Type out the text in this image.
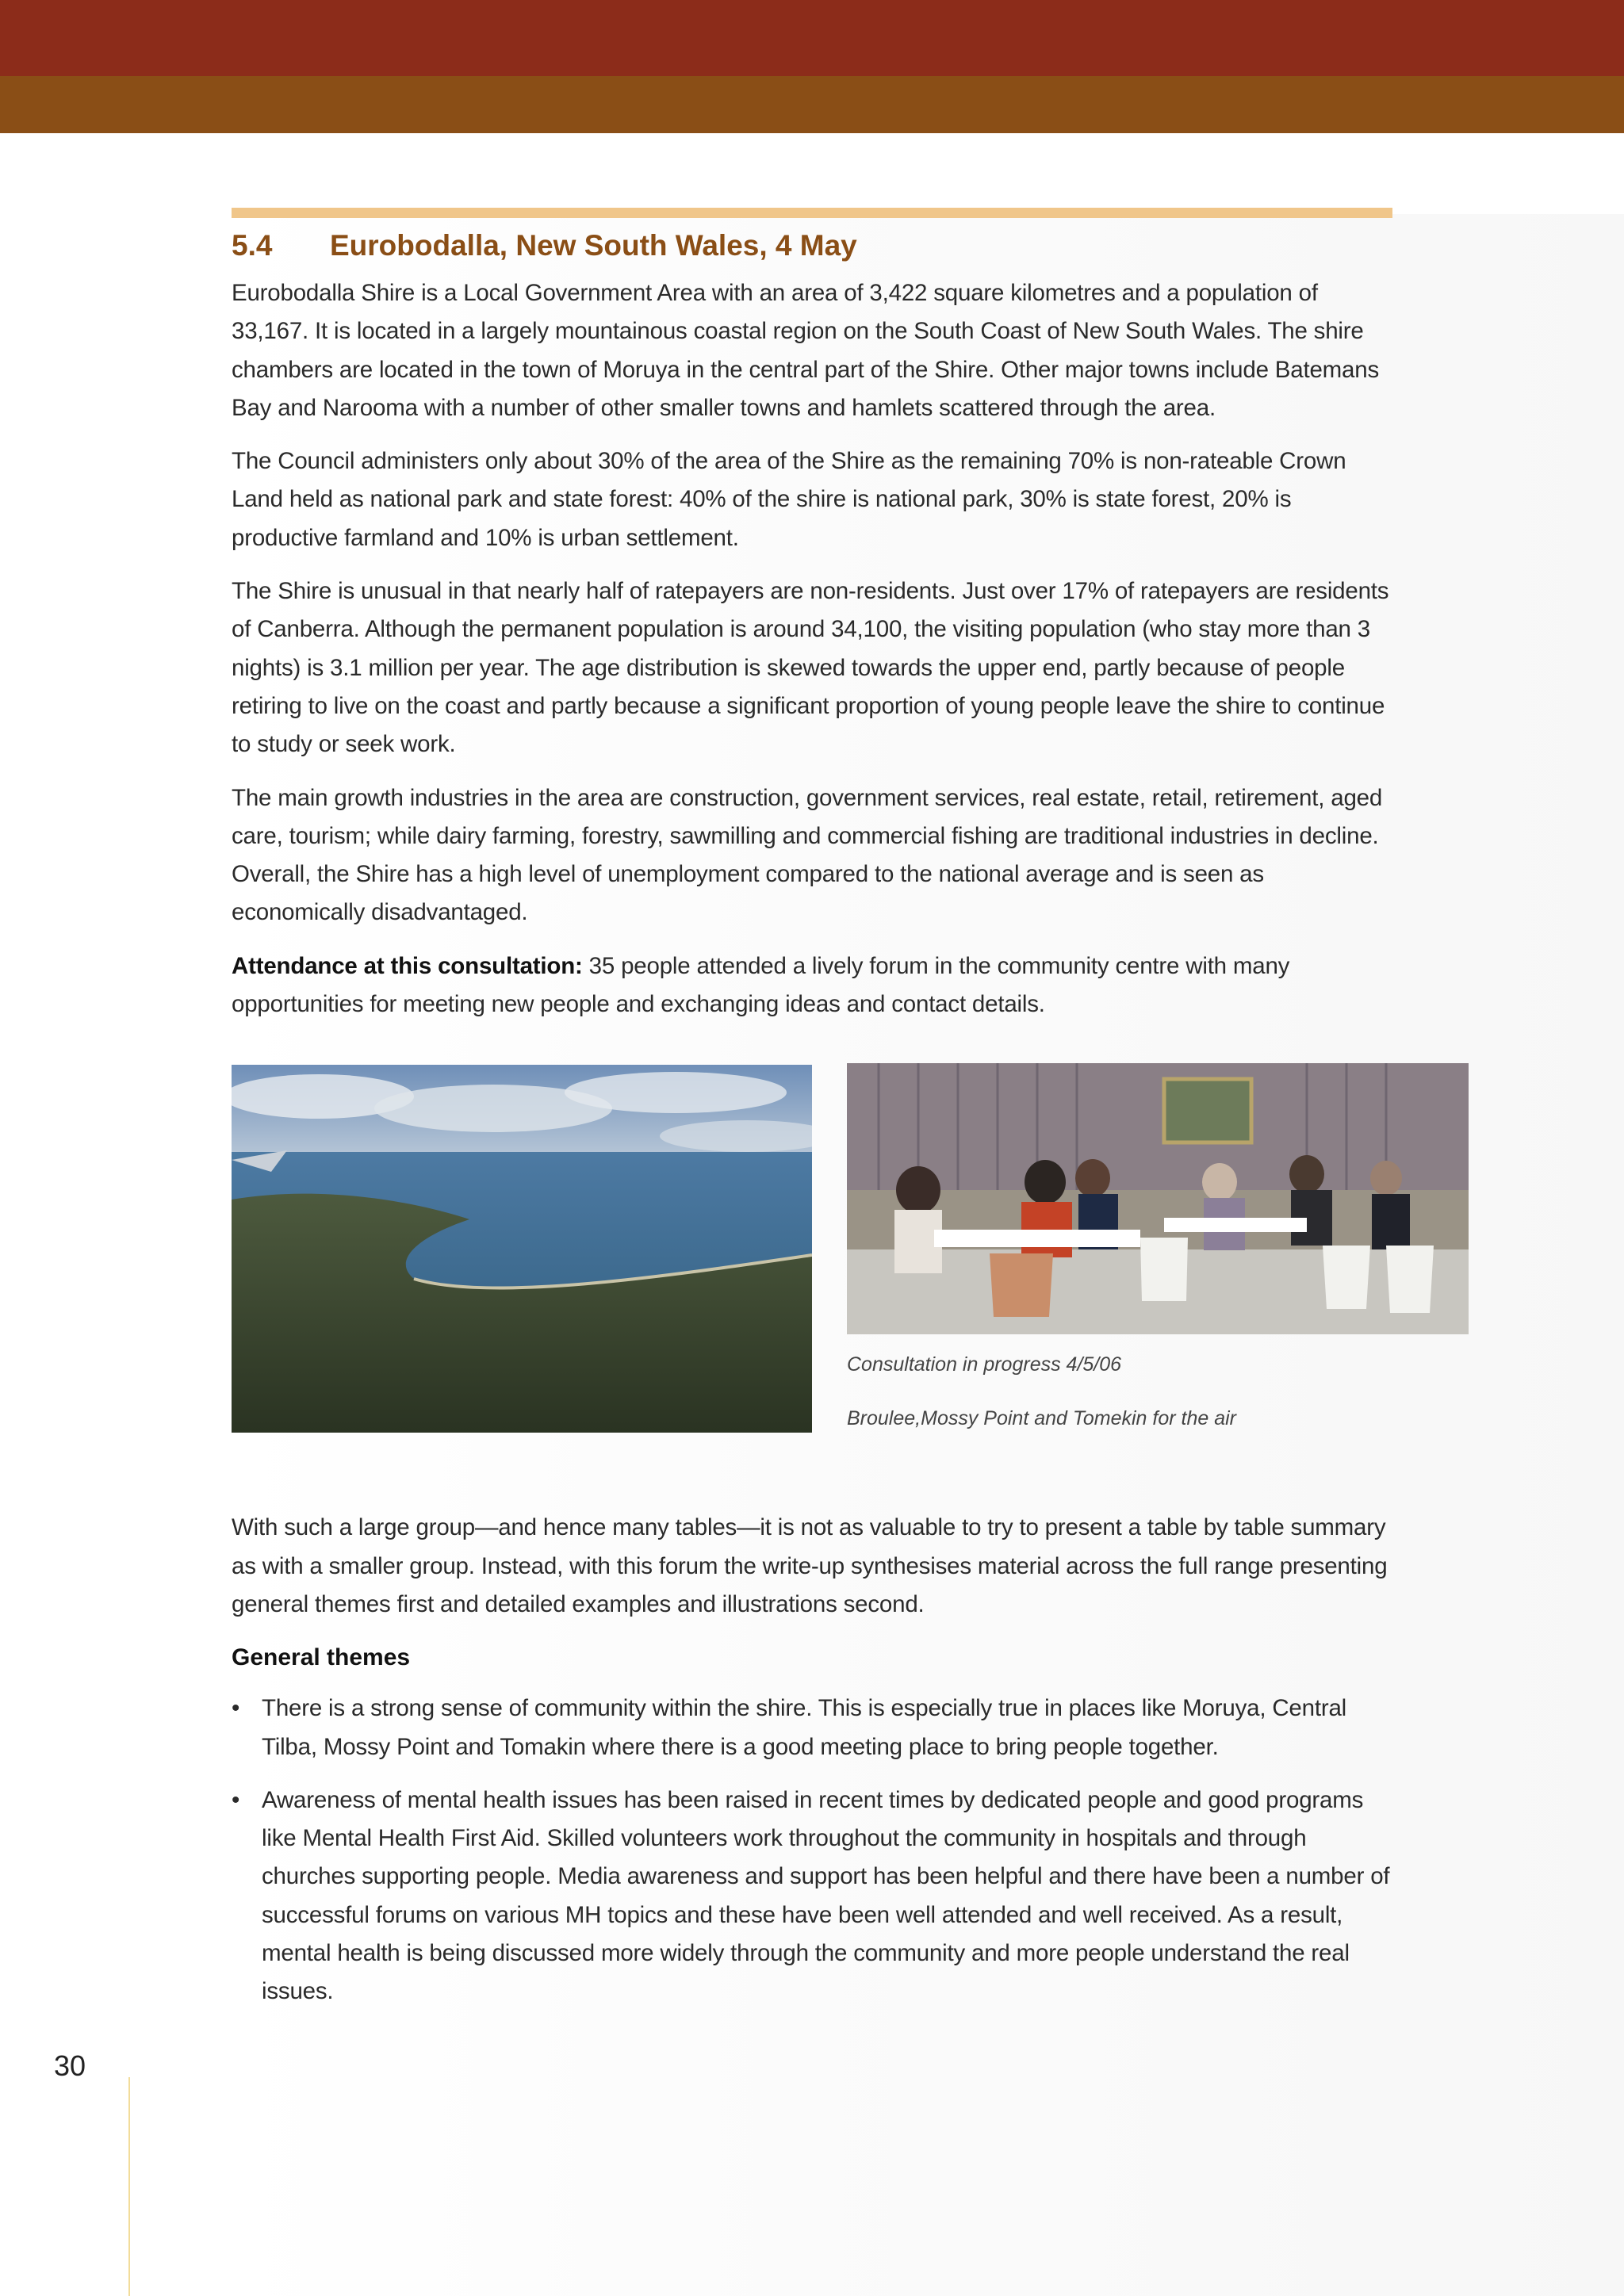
5.4	Eurobodalla, New South Wales, 4 May

Eurobodalla Shire is a Local Government Area with an area of 3,422 square kilometres and a population of 33,167. It is located in a largely mountainous coastal region on the South Coast of New South Wales. The shire chambers are located in the town of Moruya in the central part of the Shire. Other major towns include Batemans Bay and Narooma with a number of other smaller towns and hamlets scattered through the area.

The Council administers only about 30% of the area of the Shire as the remaining 70% is non-rateable Crown Land held as national park and state forest: 40% of the shire is national park, 30% is state forest, 20% is productive farmland and 10% is urban settlement.

The Shire is unusual in that nearly half of ratepayers are non-residents. Just over 17% of ratepayers are residents of Canberra. Although the permanent population is around 34,100, the visiting population (who stay more than 3 nights) is 3.1 million per year. The age distribution is skewed towards the upper end, partly because of people retiring to live on the coast and partly because a significant proportion of young people leave the shire to continue to study or seek work.

The main growth industries in the area are construction, government services, real estate, retail, retirement, aged care, tourism; while dairy farming, forestry, sawmilling and commercial fishing are traditional industries in decline. Overall, the Shire has a high level of unemployment compared to the national average and is seen as economically disadvantaged.

Attendance at this consultation: 35 people attended a lively forum in the community centre with many opportunities for meeting new people and exchanging ideas and contact details.

Consultation in progress 4/5/06
Broulee,Mossy Point and Tomekin for the air

With such a large group—and hence many tables—it is not as valuable to try to present a table by table summary as with a smaller group. Instead, with this forum the write-up synthesises material across the full range presenting general themes first and detailed examples and illustrations second.

General themes
• There is a strong sense of community within the shire. This is especially true in places like Moruya, Central Tilba, Mossy Point and Tomakin where there is a good meeting place to bring people together.
• Awareness of mental health issues has been raised in recent times by dedicated people and good programs like Mental Health First Aid. Skilled volunteers work throughout the community in hospitals and through churches supporting people. Media awareness and support has been helpful and there have been a number of successful forums on various MH topics and these have been well attended and well received. As a result, mental health is being discussed more widely through the community and more people understand the real issues.
30
